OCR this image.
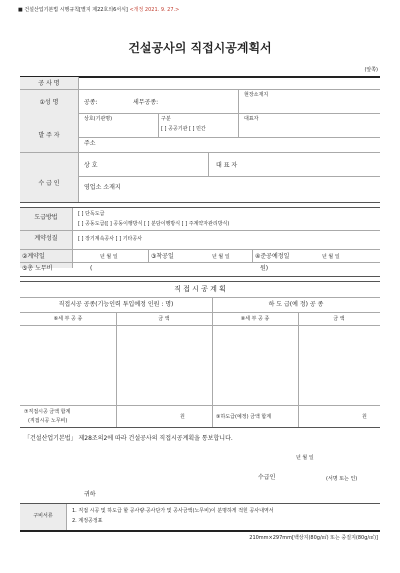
■ 건설산업기본법 시행규칙[별지 제22호의6서식] <개정 2021. 9. 27.>
건설공사의 직접시공계획서
(앞쪽)
공 사 명
①성 명	공종:	세무공종:
현장소재지
발 주 자
상호(기관명)	구분
[ ] 공공기관 [ ] 민간
대표자
주소
수 급 인
상 호	대 표 자
영업소 소재지
도급방법	[ ] 단독도급
[ ] 공동도급([ ] 공동이행방식 [ ] 분담이행방식 [ ] 주계약자관리방식)
계약성질	[ ] 장기계속공사 [ ] 기타공사
②계약일	년 월 일	③착공일	년 월 일	④준공예정일	년 월 일
⑤총 노무비	(	원)
직 접 시 공 계 획
직접시공 공종(기능인력 투입예정 인원 : 명)	하 도 급(예 정) 공 종
⑥세 부 공 종	금 액	⑧세 부 공 종	금 액
⑦직접시공 금액 합계
(직접시공 노무비)
원	⑨하도급(예정) 금액 합계	원
「건설산업기본법」 제28조의2에 따라 건설공사의 직접시공계획을 통보합니다.
년 월 일
수급인	(서명 또는 인)
귀하
구비서류
1. 직접 시공 및 하도급 할 공사량·공사단가 및 공사금액(노무비)이 분명하게 적힌 공사내역서
2. 계정공정표
210mm×297mm[백상지(80g/㎡) 또는 중질지(80g/㎡)]
